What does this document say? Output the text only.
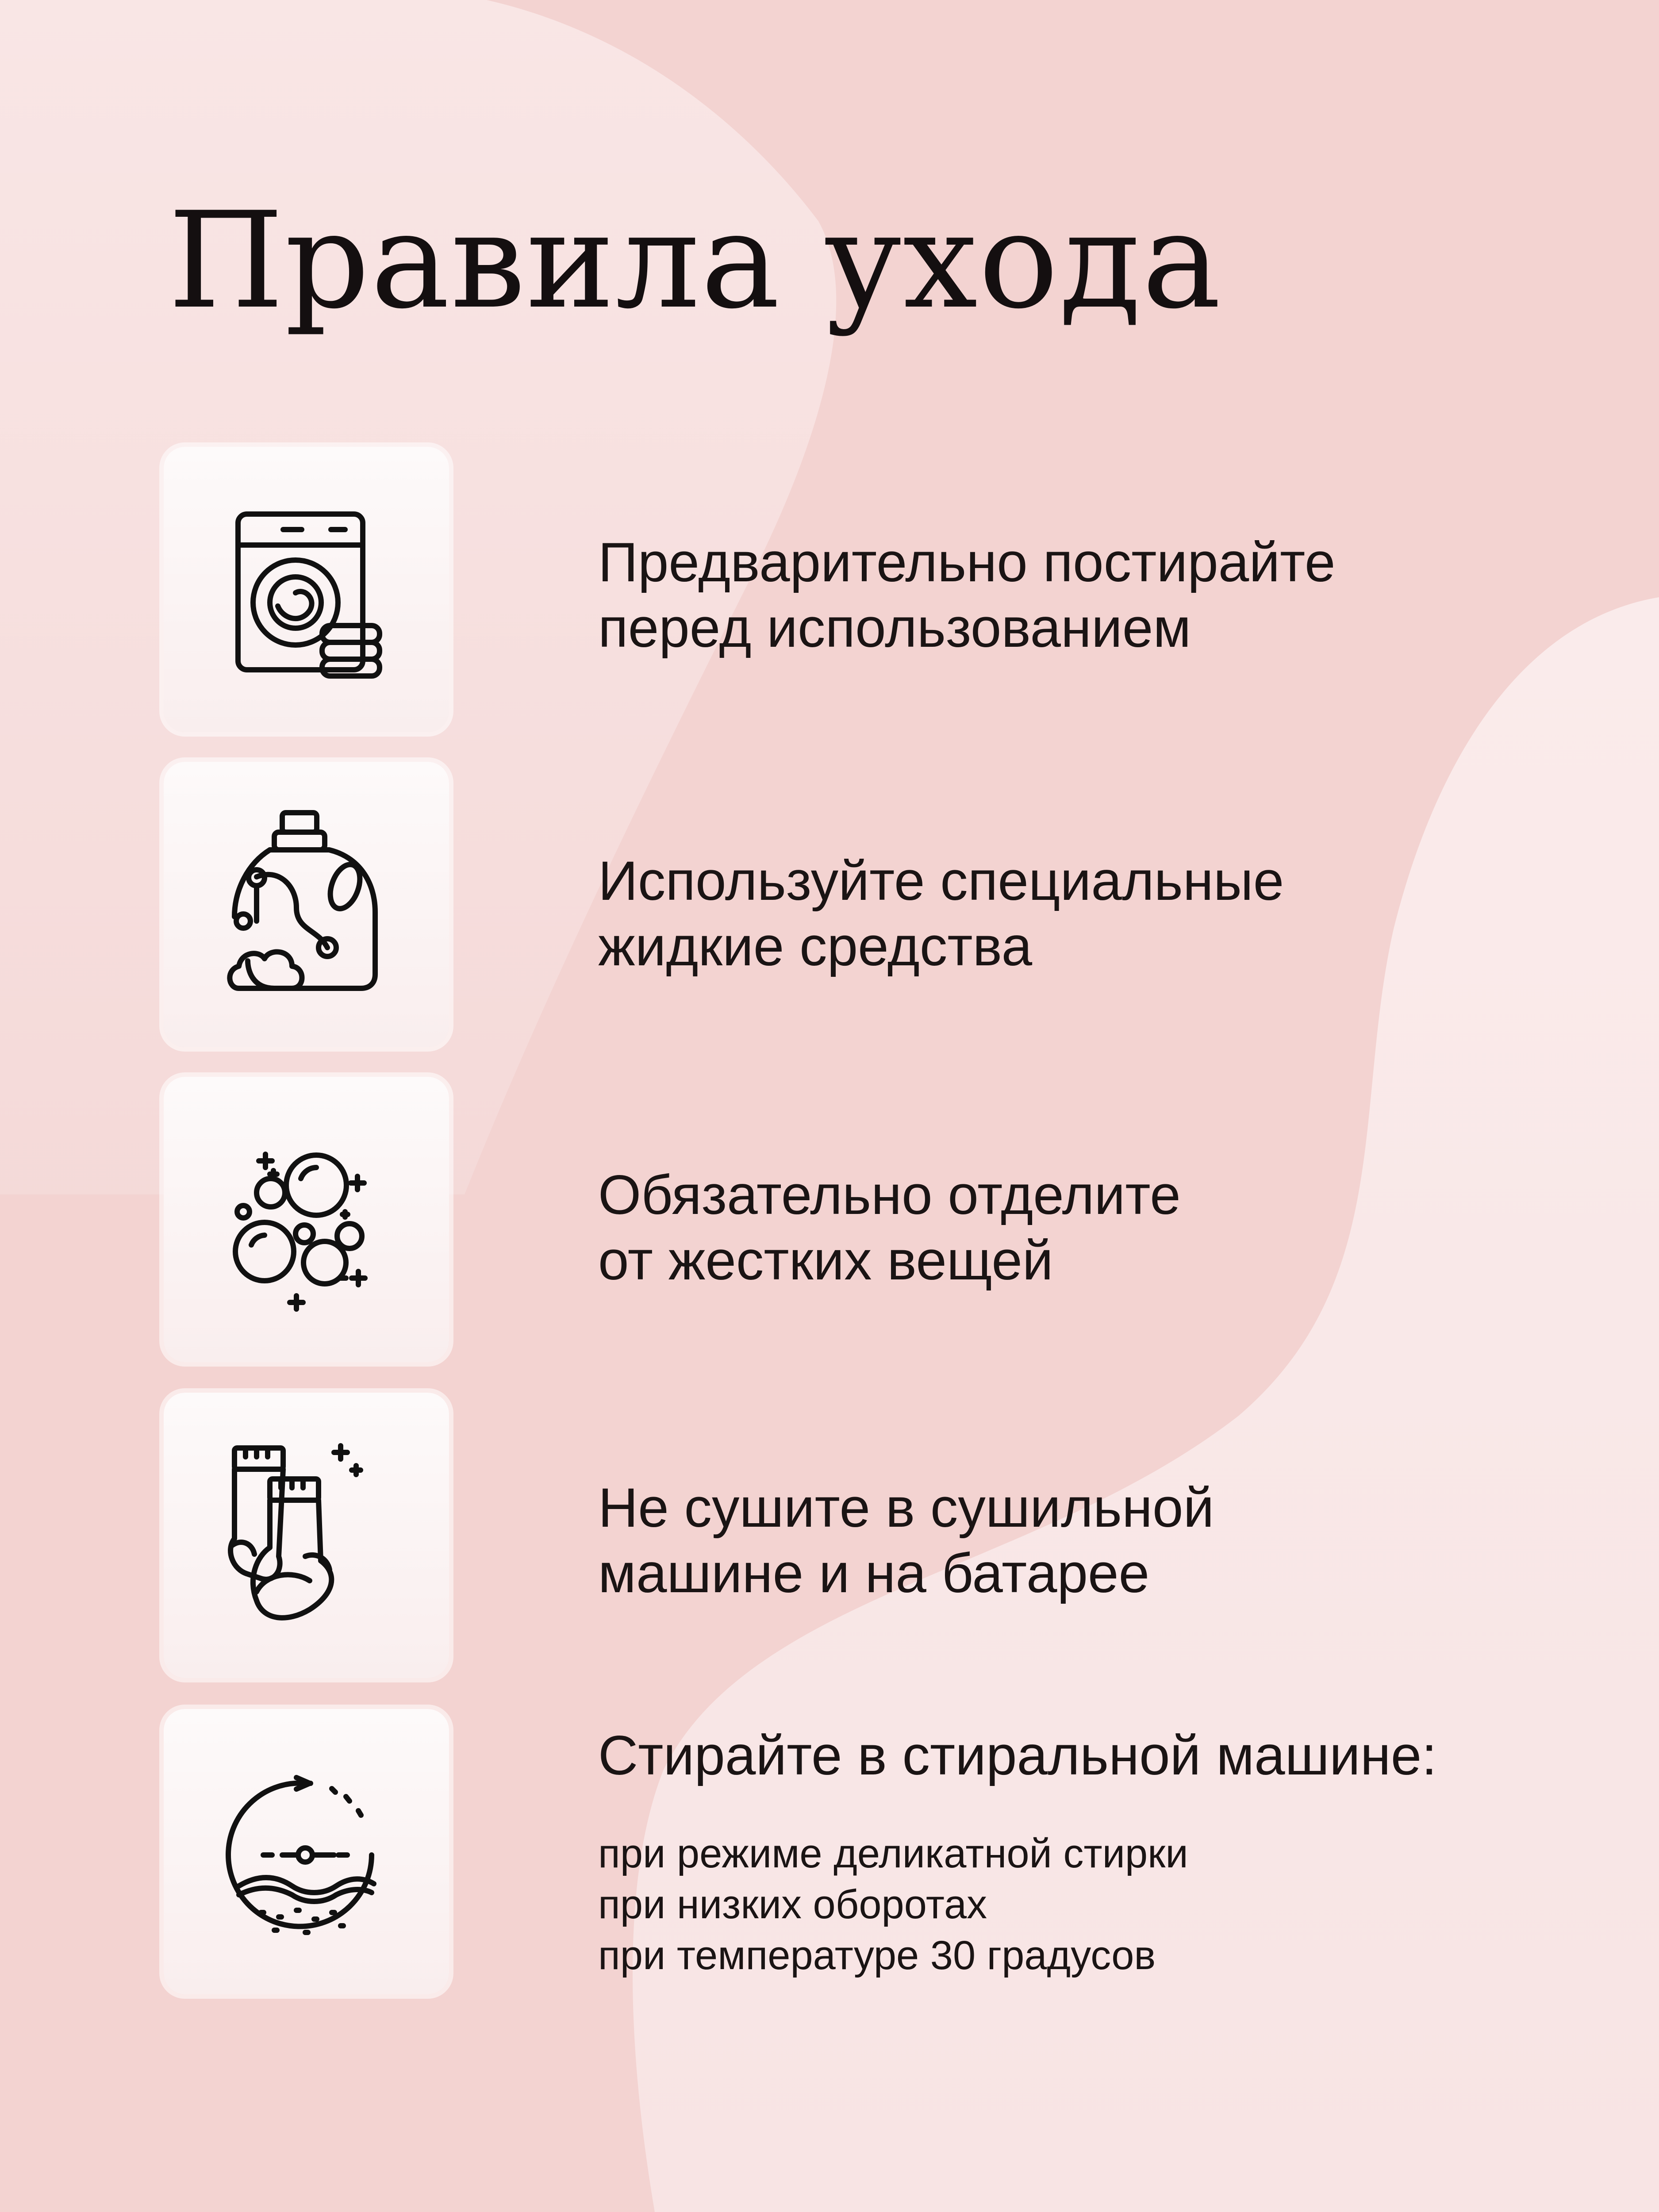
Правила ухода

Предварительно постирайте

перед использованием

Используйте специальные

жидкие средства

Обязательно отделите

от жестких вещей

Не сушите в сушильной

машине и на батарее

Стирайте в стиральной машине:

при режиме деликатной стирки

при низких оборотах

при температуре 30 градусов
